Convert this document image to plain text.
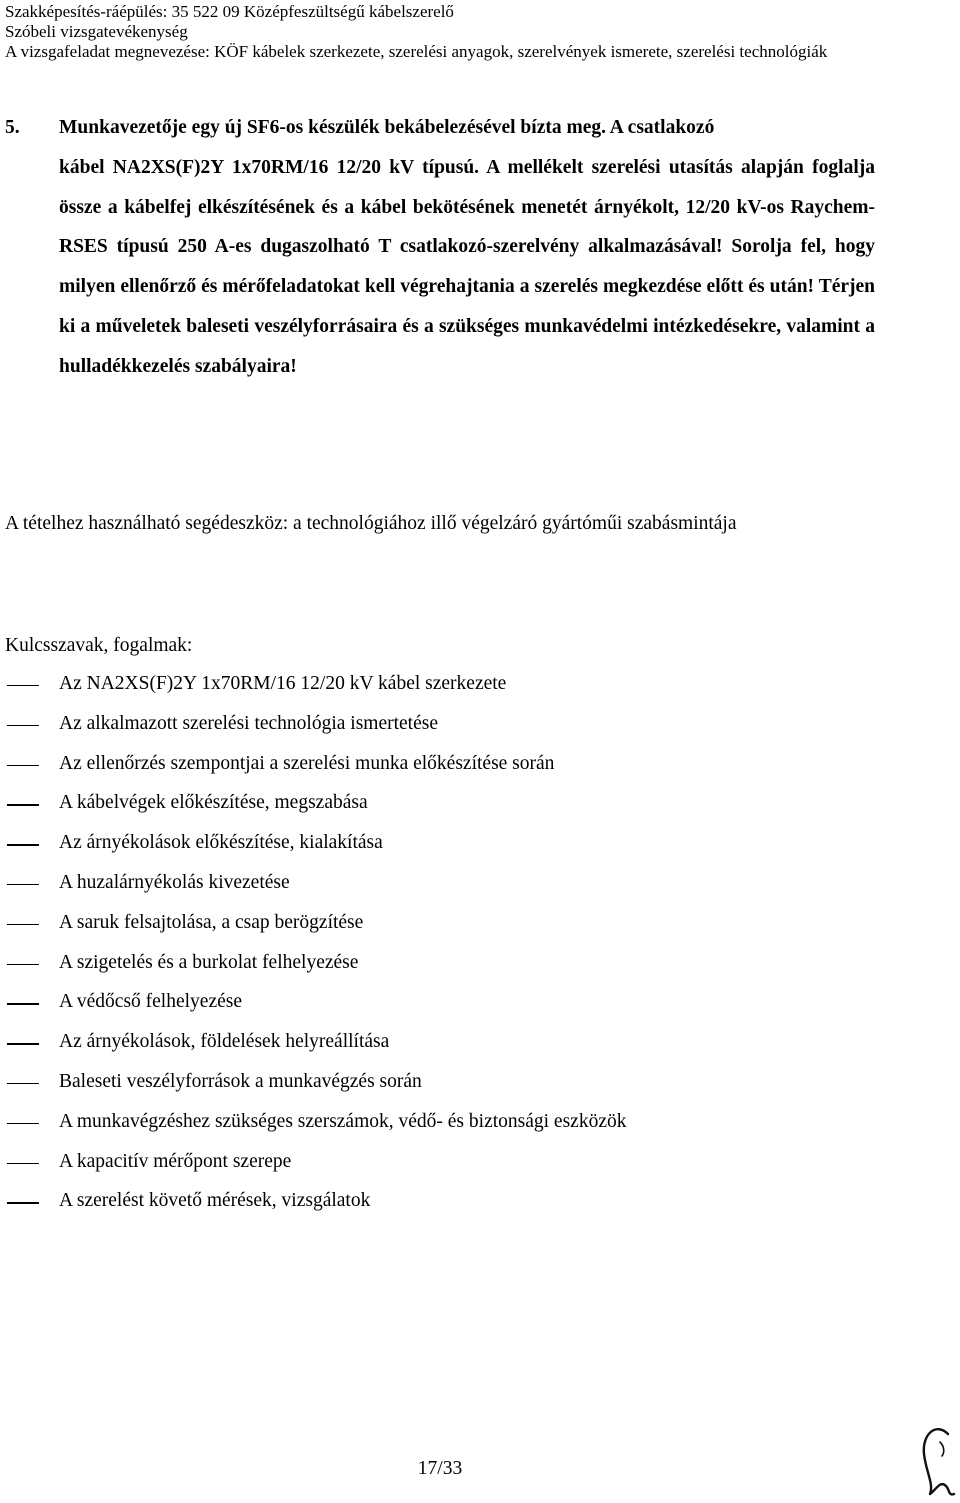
Szakképesítés-ráépülés: 35 522 09 Középfeszültségű kábelszerelő
Szóbeli vizsgatevékenység
A vizsgafeladat megnevezése: KÖF kábelek szerkezete, szerelési anyagok, szerelvények ismerete, szerelési technológiák
5. Munkavezetője egy új SF6-os készülék bekábelezésével bízta meg. A csatlakozó
kábel NA2XS(F)2Y 1x70RM/16 12/20 kV típusú. A mellékelt szerelési utasítás alapján foglalja össze a kábelfej elkészítésének és a kábel bekötésének menetét árnyékolt, 12/20 kV-os Raychem-RSES típusú 250 A-es dugaszolható T csatlakozó-szerelvény alkalmazásával! Sorolja fel, hogy milyen ellenőrző és mérőfeladatokat kell végrehajtania a szerelés megkezdése előtt és után! Térjen ki a műveletek baleseti veszélyforrásaira és a szükséges munkavédelmi intézkedésekre, valamint a hulladékkezelés szabályaira!
A tételhez használható segédeszköz: a technológiához illő végelzáró gyártóműi szabásmintája
Kulcsszavak, fogalmak:
Az NA2XS(F)2Y 1x70RM/16 12/20 kV kábel szerkezete
Az alkalmazott szerelési technológia ismertetése
Az ellenőrzés szempontjai a szerelési munka előkészítése során
A kábelvégek előkészítése, megszabása
Az árnyékolások előkészítése, kialakítása
A huzalárnyékolás kivezetése
A saruk felsajtolása, a csap berögzítése
A szigetelés és a burkolat felhelyezése
A védőcső felhelyezése
Az árnyékolások, földelések helyreállítása
Baleseti veszélyforrások a munkavégzés során
A munkavégzéshez szükséges szerszámok, védő- és biztonsági eszközök
A kapacitív mérőpont szerepe
A szerelést követő mérések, vizsgálatok
17/33
